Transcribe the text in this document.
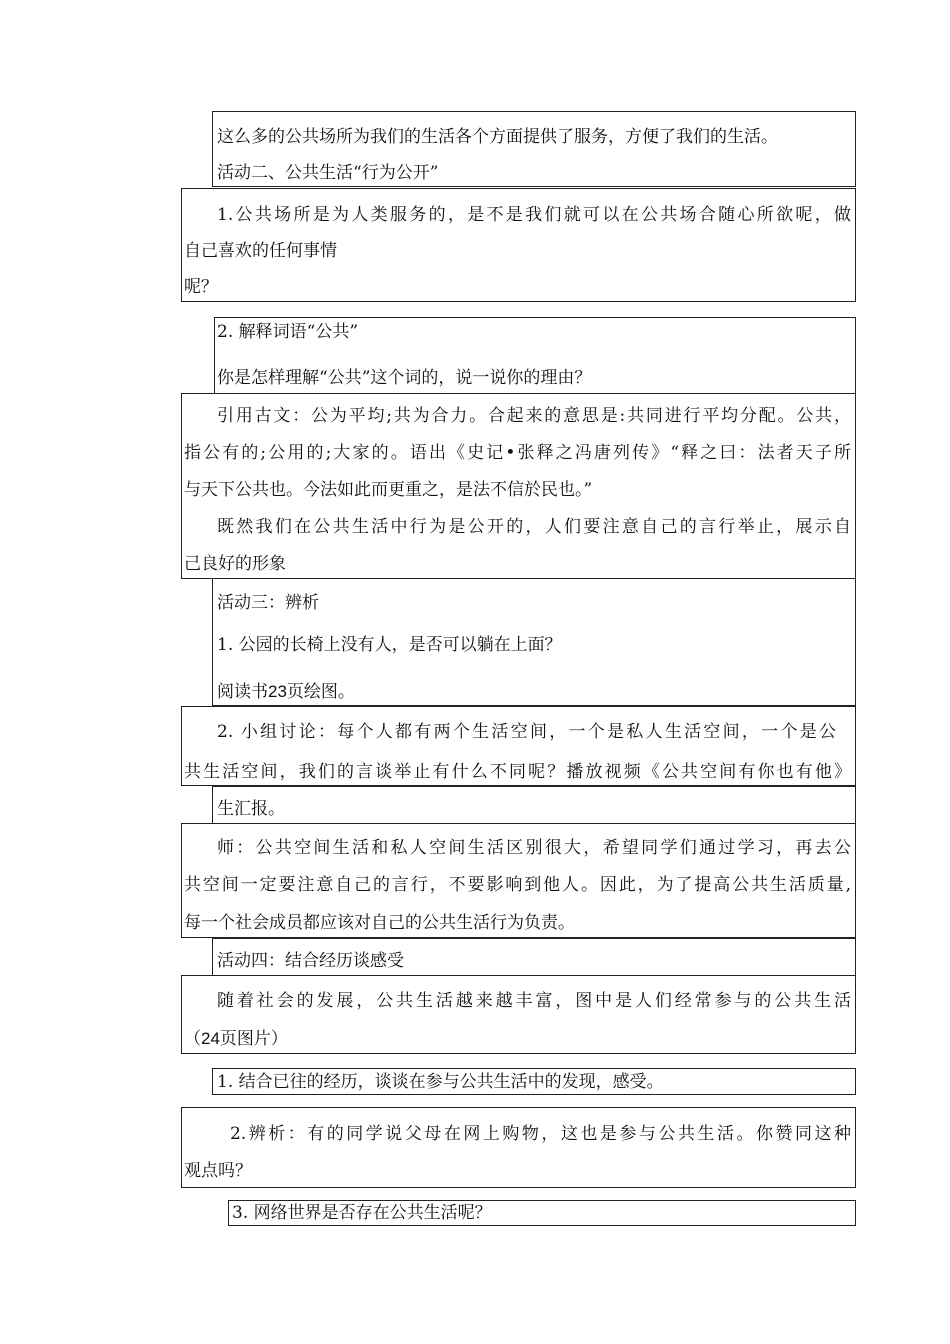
这么多的公共场所为我们的生活各个方面提供了服务，方便了我们的生活。
活动二、公共生活“行为公开”
1.公共场所是为人类服务的，是不是我们就可以在公共场合随心所欲呢，做
自己喜欢的任何事情
呢？
2. 解释词语“公共”
你是怎样理解“公共”这个词的，说一说你的理由？
引用古文：公为平均;共为合力。合起来的意思是:共同进行平均分配。公共，
指公有的;公用的;大家的。语出《史记•张释之冯唐列传》“释之曰：法者天子所
与天下公共也。今法如此而更重之，是法不信於民也。”
既然我们在公共生活中行为是公开的，人们要注意自己的言行举止，展示自
己良好的形象
活动三：辨析
1. 公园的长椅上没有人，是否可以躺在上面？
阅读书23页绘图。
2. 小组讨论：每个人都有两个生活空间，一个是私人生活空间，一个是公
共生活空间，我们的言谈举止有什么不同呢？播放视频《公共空间有你也有他》
生汇报。
师：公共空间生活和私人空间生活区别很大，希望同学们通过学习，再去公
共空间一定要注意自己的言行，不要影响到他人。因此，为了提高公共生活质量,
每一个社会成员都应该对自己的公共生活行为负责。
活动四：结合经历谈感受
随着社会的发展，公共生活越来越丰富，图中是人们经常参与的公共生活
（24页图片）
1. 结合已往的经历，谈谈在参与公共生活中的发现，感受。
2.辨析：有的同学说父母在网上购物，这也是参与公共生活。你赞同这种
观点吗？
3. 网络世界是否存在公共生活呢？
